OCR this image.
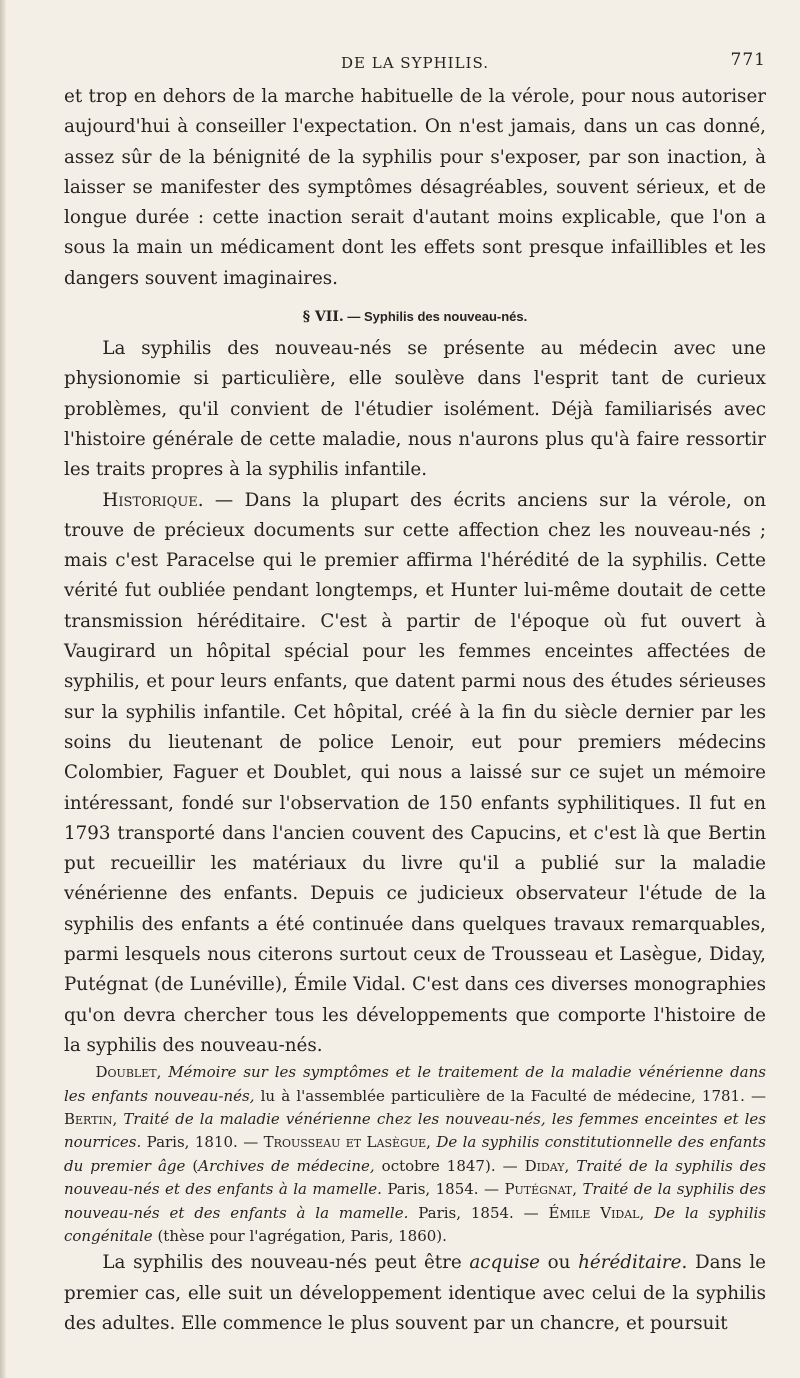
DE LA SYPHILIS.	771

et trop en dehors de la marche habituelle de la vérole, pour nous autoriser aujourd'hui à conseiller l'expectation. On n'est jamais, dans un cas donné, assez sûr de la bénignité de la syphilis pour s'exposer, par son inaction, à laisser se manifester des symptômes désagréables, souvent sérieux, et de longue durée : cette inaction serait d'autant moins explicable, que l'on a sous la main un médicament dont les effets sont presque infaillibles et les dangers souvent imaginaires.

§ VII. — Syphilis des nouveau-nés.

La syphilis des nouveau-nés se présente au médecin avec une physionomie si particulière, elle soulève dans l'esprit tant de curieux problèmes, qu'il convient de l'étudier isolément. Déjà familiarisés avec l'histoire générale de cette maladie, nous n'aurons plus qu'à faire ressortir les traits propres à la syphilis infantile.

Historique. — Dans la plupart des écrits anciens sur la vérole, on trouve de précieux documents sur cette affection chez les nouveau-nés ; mais c'est Paracelse qui le premier affirma l'hérédité de la syphilis. Cette vérité fut oubliée pendant longtemps, et Hunter lui-même doutait de cette transmission héréditaire. C'est à partir de l'époque où fut ouvert à Vaugirard un hôpital spécial pour les femmes enceintes affectées de syphilis, et pour leurs enfants, que datent parmi nous des études sérieuses sur la syphilis infantile. Cet hôpital, créé à la fin du siècle dernier par les soins du lieutenant de police Lenoir, eut pour premiers médecins Colombier, Faguer et Doublet, qui nous a laissé sur ce sujet un mémoire intéressant, fondé sur l'observation de 150 enfants syphilitiques. Il fut en 1793 transporté dans l'ancien couvent des Capucins, et c'est là que Bertin put recueillir les matériaux du livre qu'il a publié sur la maladie vénérienne des enfants. Depuis ce judicieux observateur l'étude de la syphilis des enfants a été continuée dans quelques travaux remarquables, parmi lesquels nous citerons surtout ceux de Trousseau et Lasègue, Diday, Putégnat (de Lunéville), Émile Vidal. C'est dans ces diverses monographies qu'on devra chercher tous les développements que comporte l'histoire de la syphilis des nouveau-nés.

Doublet, Mémoire sur les symptômes et le traitement de la maladie vénérienne dans les enfants nouveau-nés, lu à l'assemblée particulière de la Faculté de médecine, 1781. — Bertin, Traité de la maladie vénérienne chez les nouveau-nés, les femmes enceintes et les nourrices. Paris, 1810. — Trousseau et Lasègue, De la syphilis constitutionnelle des enfants du premier âge (Archives de médecine, octobre 1847). — Diday, Traité de la syphilis des nouveau-nés et des enfants à la mamelle. Paris, 1854. — Putégnat, Traité de la syphilis des nouveau-nés et des enfants à la mamelle. Paris, 1854. — Émile Vidal, De la syphilis congénitale (thèse pour l'agrégation, Paris, 1860).

La syphilis des nouveau-nés peut être acquise ou héréditaire. Dans le premier cas, elle suit un développement identique avec celui de la syphilis des adultes. Elle commence le plus souvent par un chancre, et poursuit
